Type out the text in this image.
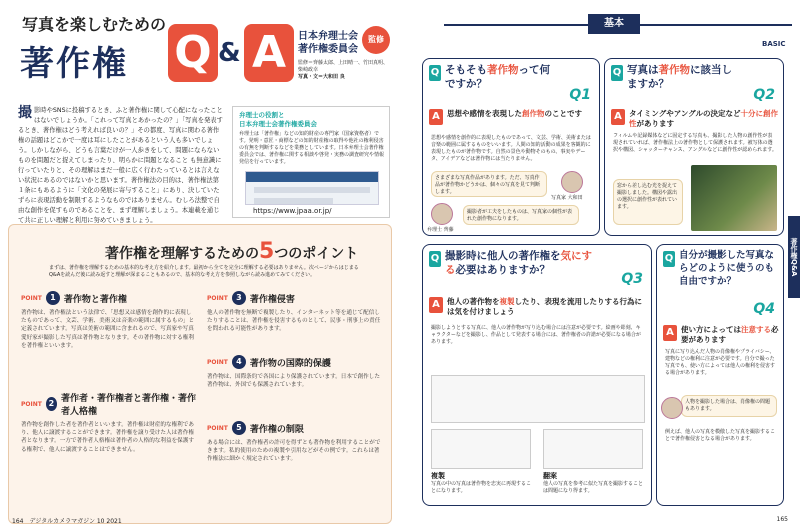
写真を楽しむための
著作権 Q & A	日本弁理士会
著作権委員会
監修
監修＝齊藤太郎、上田晴一、竹田真明、柴崎政幸
写真・文＝大和田 良
撮影時やSNSに投稿するとき、ふと著作権に関して心配になったことはないでしょうか。「これって写真とあかったの？」「写真を発表するとき、著作権はどう考えれば良いの？」その都度、写真に関わる著作権の話題はどこかで一度は耳にしたことがあるという人も多いでしょう。しかしながら、どうも言葉だけが一人歩きをして、問題にならないものを問題だと捉えてしまったり、明らかに問題となること も無意識に行っていたりと、その理解はまだ一般に広く行わたっているとは言えない状況にあるのではないかと思います。著作権法の目的は、著作権法第１条にもあるように「文化の発展に寄与すること」にあり、決していたずらに表現活動を制限するようなものではありません。むしろ法整で自由な創作を促すものであることを、まず理解しましょう。本連載を通じて共に正しい理解と利用に努めていきましょう。
弁理士の役割と
日本弁理士会著作権委員会
弁理士は「著作権」などの知的財産の専門家（国家資格者）です。発明・意匠・商標などの知的財産権の取得や他社の権利侵害の有無を判断するなどを業務としています。日本弁理士会著作権委員会では、著作権に関する相談や啓発・実務の調査研究や情報発信を行っています。
https://www.jpaa.or.jp/
著作権を理解するための5つのポイント
まずは、著作権を理解するための基本的な考え方を紹介します。最初から全てを完全に理解する必要はありません。次ページからはじまるQ&Aを読んだ後に読み返すと理解が深まることもあるので、基本的な考え方を参照しながら読み進めてみてください。
POINT	1 著作物と著作権
著作物は、著作権法という法律で、「思想又は感情を創作的に表現したものであって、文芸、学術、美術又は音楽の範囲に属するもの」と定義されています。写真は美術の範囲に含まれるので、写真家や写真愛好家が撮影した写真は著作物となります。その著作物に対する権利を著作権といいます。
POINT 2 著作者・著作権者と著作権・著作者人格権
著作物を創作した者を著作者といいます。著作権は財産的な権利であり、他人に譲渡することができます。著作権を譲り受けた人は著作権者となります。一方で著作者人格権は著作者の人格的な利益を保護する権利で、他人に譲渡することはできません。
POINT	3 著作権侵害
他人の著作物を無断で複製したり、インターネット等を通じて配信したりすることは、著作権を侵害するものとして、民事・刑事上の責任を問われる可能性があります。
POINT	4 著作物の国際的保護
著作物は、国際条約で各国により保護されています。日本で創作した著作物は、外国でも保護されています。
POINT	5 著作権の制限
ある場合には、著作権者の許可を得ずとも著作物を利用することができます。私的使用のための複製や引用などがその例です。これらは著作権法に細かく規定されています。
164　デジタルカメラマガジン 10 2021
基本
BASIC
Q そもそも著作物って何ですか？
Q1
A 思想や感情を表現した創作物のことです
思想や感情を創作的に表現したものであって、文芸、学術、美術または音楽の範囲に属するものをいいます。人間の知的活動の成果を客観的に表現したものが著作物です。自然の景色や動物そのもの、事実やデータ、アイデアなどは著作物には当たりません。
さまざまな写真作品があります。ただ、写真作品が著作物かどうかは、個々の写真を見て判断します。
写真家 大和田
撮影者が工夫をしたものは、写真家の個性が表れた創作物になります。
弁理士 齊藤
Q 写真は著作物に該当しますか？
Q2
A タイミングやアングルの決定など十分に創作性があります
フィルムや記録媒体などに固定する写真も、撮影した人物の創作性が表現されていれば、著作権法上の著作物として保護されます。被写体の選択や構図、シャッターチャンス、アングルなどに創作性が認められます。
窓から差し込む光を捉えて撮影しました。構図や露出の選択に創作性が表れています。
Q 撮影時に他人の著作権を気にする必要はありますか？
Q3
A 他人の著作物を複製したり、表現を流用したりする行為には気を付けましょう
撮影しようとする写真に、他人の著作物が写り込む場合には注意が必要です。絵画や彫刻、キャラクターなどを撮影し、作品として発表する場合には、著作権者の許諾が必要になる場合があります。
複製	翻案
写真の中の写真は著作物を忠実に再現することになります。
他人の写真を参考に似た写真を撮影することは問題になり得ます。
Q 自分が撮影した写真ならどのように使うのも自由ですか？
Q4
A 使い方によっては注意する必要があります
写真に写り込んだ人物の肖像権やプライバシー、建物などの権利に注意が必要です。自分で撮った写真でも、使い方によっては他人の権利を侵害する場合があります。
人物を撮影した場合は、肖像権の問題もあります。
例えば、他人の写真を模倣した写真を撮影することで著作権侵害となる場合があります。
著作権Q&A
165
